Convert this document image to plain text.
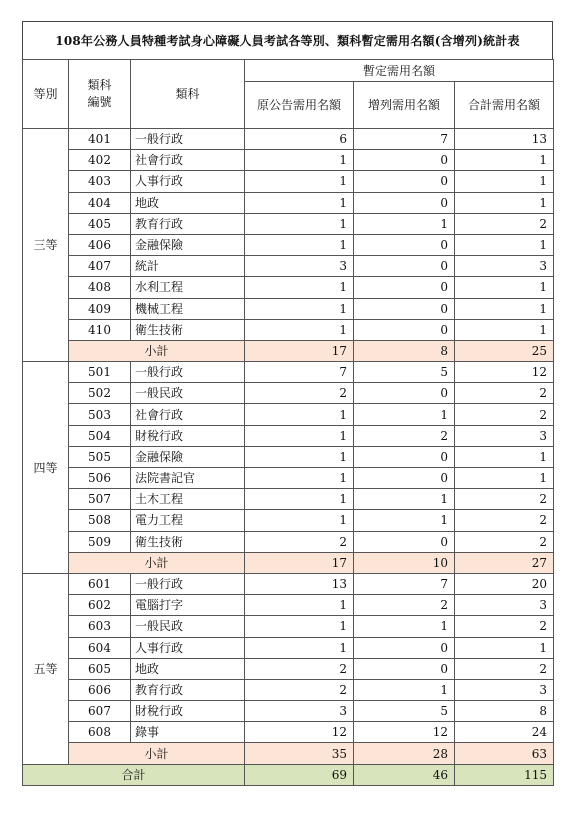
108年公務人員特種考試身心障礙人員考試各等別、類科暫定需用名額(含增列)統計表
等別	類科編號	類科	暫定需用名額		
			原公告需用名額	增列需用名額	合計需用名額
三等	401	一般行政	6	7	13
	402	社會行政	1	0	1
	403	人事行政	1	0	1
	404	地政	1	0	1
	405	教育行政	1	1	2
	406	金融保險	1	0	1
	407	統計	3	0	3
	408	水利工程	1	0	1
	409	機械工程	1	0	1
	410	衛生技術	1	0	1
	小計		17	8	25
四等	501	一般行政	7	5	12
	502	一般民政	2	0	2
	503	社會行政	1	1	2
	504	財稅行政	1	2	3
	505	金融保險	1	0	1
	506	法院書記官	1	0	1
	507	土木工程	1	1	2
	508	電力工程	1	1	2
	509	衛生技術	2	0	2
	小計		17	10	27
五等	601	一般行政	13	7	20
	602	電腦打字	1	2	3
	603	一般民政	1	1	2
	604	人事行政	1	0	1
	605	地政	2	0	2
	606	教育行政	2	1	3
	607	財稅行政	3	5	8
	608	錄事	12	12	24
	小計		35	28	63
合計			69	46	115
